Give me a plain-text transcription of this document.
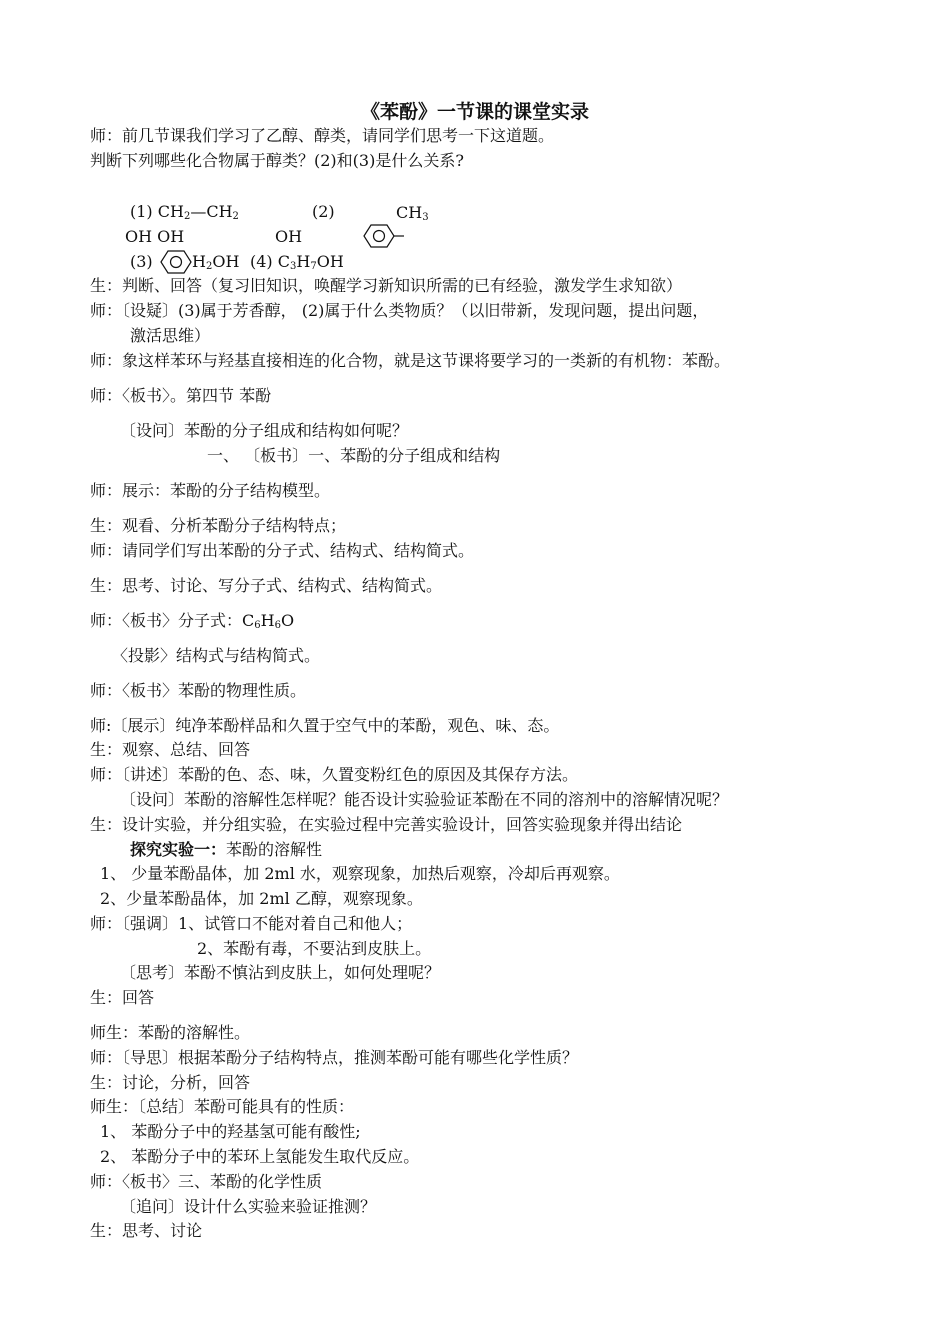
《苯酚》一节课的课堂实录
师：前几节课我们学习了乙醇、醇类，请同学们思考一下这道题。
判断下列哪些化合物属于醇类？(2)和(3)是什么关系?
(1) $CH_2—CH_2$
OH OH
(2)
OH
$CH_3$
(3) $H_2OH$ (4) $C_3H_7OH$
生：判断、回答（复习旧知识，唤醒学习新知识所需的已有经验，激发学生求知欲）
师：〔设疑〕(3)属于芳香醇， (2)属于什么类物质？（以旧带新，发现问题，提出问题，
激活思维）
师：象这样苯环与羟基直接相连的化合物，就是这节课将要学习的一类新的有机物：苯酚。
师：〈板书〉。第四节 苯酚
〔设问〕苯酚的分子组成和结构如何呢？
一、 〔板书〕一、苯酚的分子组成和结构
师：展示：苯酚的分子结构模型。
生：观看、分析苯酚分子结构特点；
师：请同学们写出苯酚的分子式、结构式、结构简式。
生：思考、讨论、写分子式、结构式、结构简式。
师：〈板书〉分子式：$C_6H_6O$
〈投影〉结构式与结构简式。
师：〈板书〉苯酚的物理性质。
师:〔展示〕纯净苯酚样品和久置于空气中的苯酚，观色、味、态。
生：观察、总结、回答
师：〔讲述〕苯酚的色、态、味，久置变粉红色的原因及其保存方法。
〔设问〕苯酚的溶解性怎样呢？能否设计实验验证苯酚在不同的溶剂中的溶解情况呢？
生：设计实验，并分组实验，在实验过程中完善实验设计，回答实验现象并得出结论
探究实验一：苯酚的溶解性
1、 少量苯酚晶体，加 2ml 水，观察现象，加热后观察，冷却后再观察。
2、少量苯酚晶体，加 2ml 乙醇，观察现象。
师：〔强调〕1、试管口不能对着自己和他人；
2、苯酚有毒，不要沾到皮肤上。
〔思考〕苯酚不慎沾到皮肤上，如何处理呢？
生：回答
师生：苯酚的溶解性。
师：〔导思〕根据苯酚分子结构特点，推测苯酚可能有哪些化学性质？
生：讨论，分析，回答
师生：〔总结〕苯酚可能具有的性质：
1、 苯酚分子中的羟基氢可能有酸性;
2、 苯酚分子中的苯环上氢能发生取代反应。
师：〈板书〉三、苯酚的化学性质
〔追问〕设计什么实验来验证推测？
生：思考、讨论
